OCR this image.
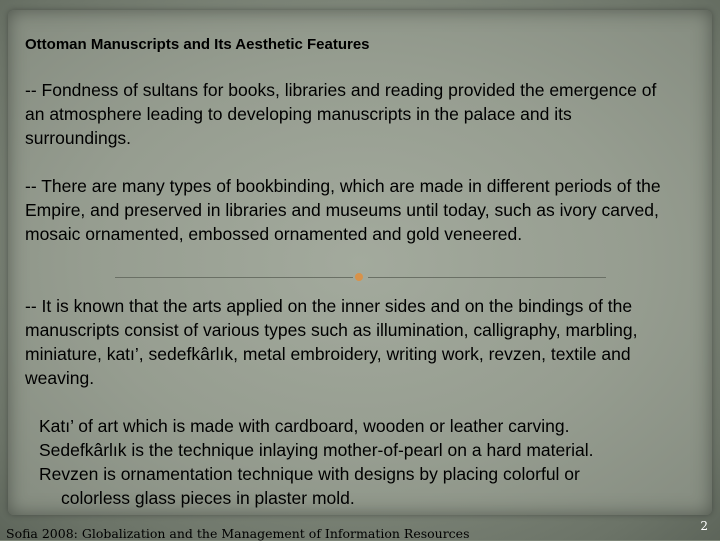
Ottoman Manuscripts and Its Aesthetic Features

-- Fondness of sultans for books, libraries and reading provided the emergence of an atmosphere leading to developing manuscripts in the palace and its surroundings.

-- There are many types of bookbinding, which are made in different periods of the Empire, and preserved in libraries and museums until today, such as ivory carved, mosaic ornamented, embossed ornamented and gold veneered.

-- It is known that the arts applied on the inner sides and on the bindings of the manuscripts consist of various types such as illumination, calligraphy, marbling, miniature, katı’, sedefkârlık, metal embroidery, writing work, revzen, textile and weaving.

Katı’ of art which is made with cardboard, wooden or leather carving.
Sedefkârlık is the technique inlaying mother-of-pearl on a hard material.
Revzen is ornamentation technique with designs by placing colorful or
colorless glass pieces in plaster mold.

Sofia 2008: Globalization and the Management of Information Resources	2
